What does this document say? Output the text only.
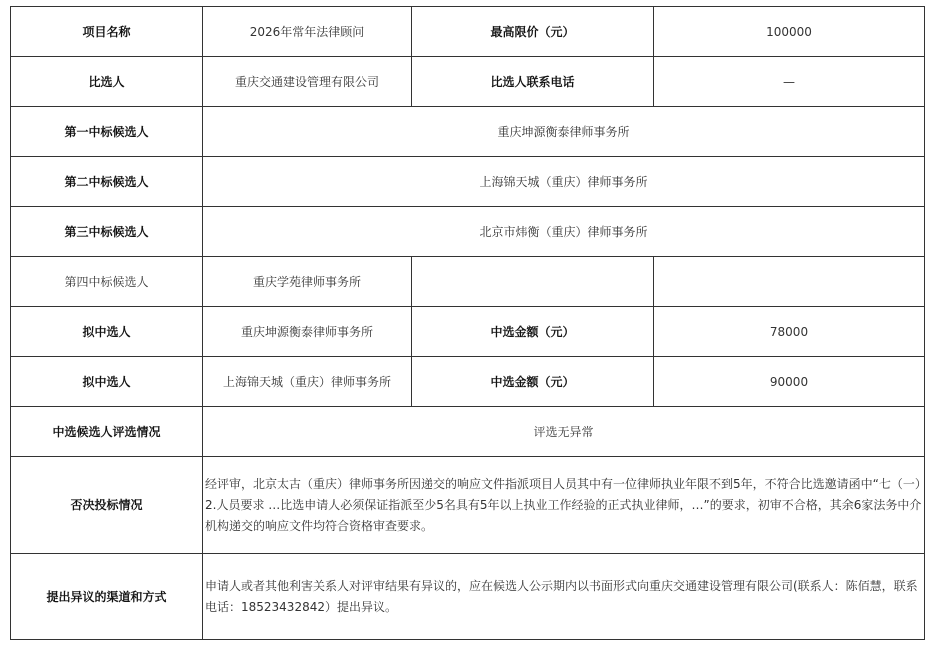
项目名称	2026年常年法律顾问	最高限价（元）	100000
比选人	重庆交通建设管理有限公司	比选人联系电话	—
第一中标候选人	重庆坤源衡泰律师事务所		
第二中标候选人	上海锦天城（重庆）律师事务所		
第三中标候选人	北京市炜衡（重庆）律师事务所		
第四中标候选人	重庆学苑律师事务所		
拟中选人	重庆坤源衡泰律师事务所	中选金额（元）	78000
拟中选人	上海锦天城（重庆）律师事务所	中选金额（元）	90000
中选候选人评选情况	评选无异常		
否决投标情况	经评审，北京太古（重庆）律师事务所因递交的响应文件指派项目人员其中有一位律师执业年限不到5年，不符合比选邀请函中“七（一）2.人员要求 …比选申请人必须保证指派至少5名具有5年以上执业工作经验的正式执业律师，…”的要求，初审不合格，其余6家法务中介机构递交的响应文件均符合资格审查要求。		
提出异议的渠道和方式	申请人或者其他利害关系人对评审结果有异议的，应在候选人公示期内以书面形式向重庆交通建设管理有限公司(联系人：陈佰慧，联系电话：18523432842）提出异议。		
